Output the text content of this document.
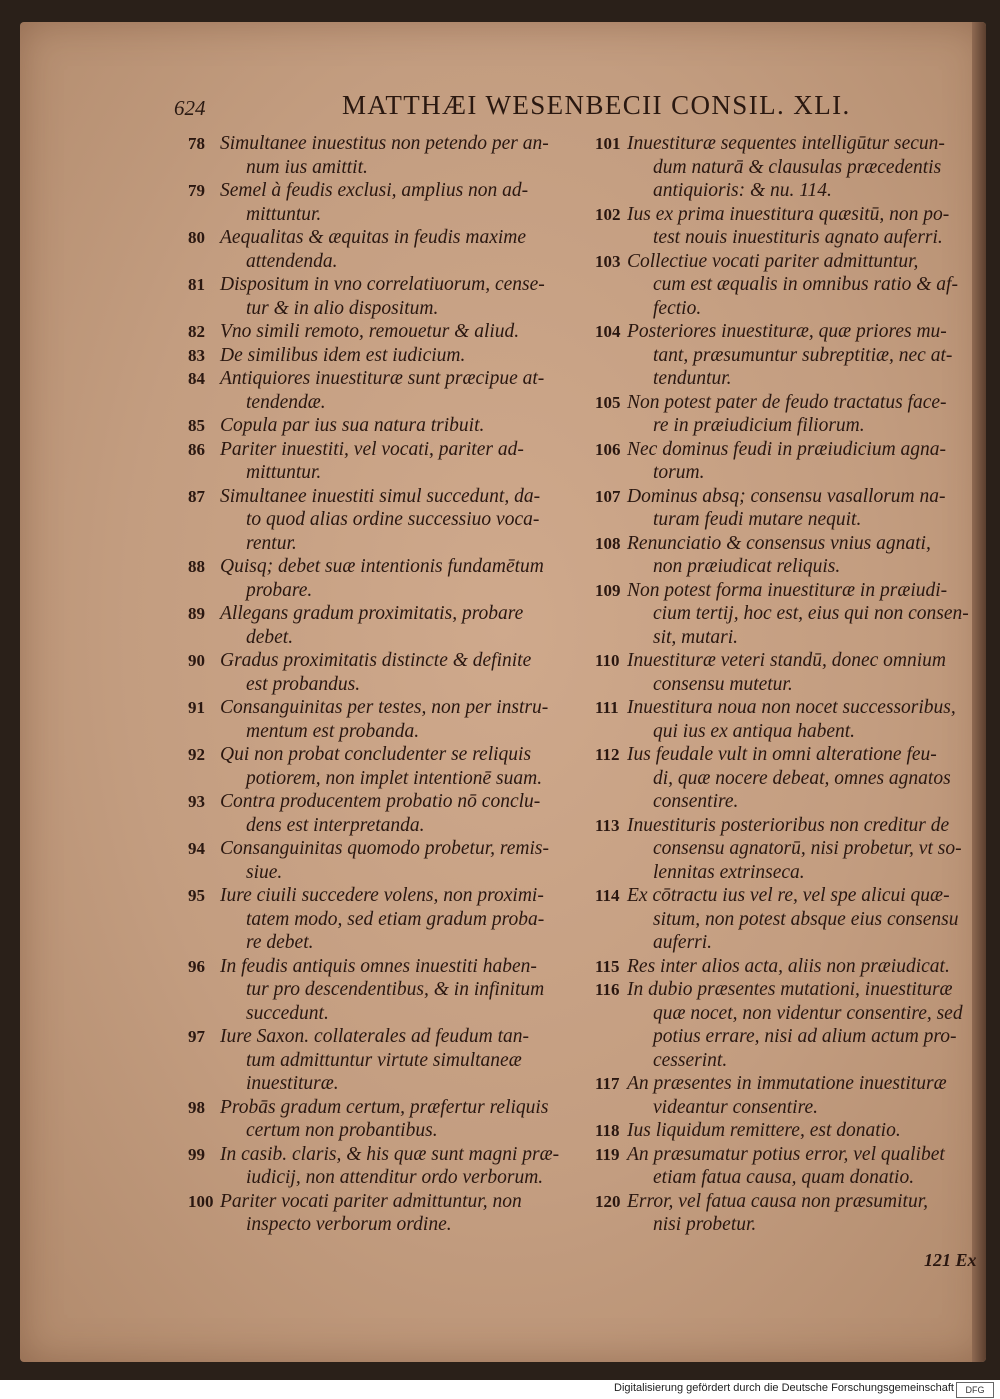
624	MATTHÆI WESENBECII CONSIL. XLI.
78 Simultanee inuestitus non petendo per an-
num ius amittit.
79 Semel à feudis exclusi, amplius non ad-
mittuntur.
80 Aequalitas & æquitas in feudis maxime
attendenda.
81 Dispositum in vno correlatiuorum, cense-
tur & in alio dispositum.
82 Vno simili remoto, remouetur & aliud.
83 De similibus idem est iudicium.
84 Antiquiores inuestituræ sunt præcipue at-
tendendæ.
85 Copula par ius sua natura tribuit.
86 Pariter inuestiti, vel vocati, pariter ad-
mittuntur.
87 Simultanee inuestiti simul succedunt, da-
to quod alias ordine successiuo voca-
rentur.
88 Quisq; debet suæ intentionis fundamētum
probare.
89 Allegans gradum proximitatis, probare
debet.
90 Gradus proximitatis distincte & definite
est probandus.
91 Consanguinitas per testes, non per instru-
mentum est probanda.
92 Qui non probat concludenter se reliquis
potiorem, non implet intentionē suam.
93 Contra producentem probatio nō conclu-
dens est interpretanda.
94 Consanguinitas quomodo probetur, remis-
siue.
95 Iure ciuili succedere volens, non proximi-
tatem modo, sed etiam gradum proba-
re debet.
96 In feudis antiquis omnes inuestiti haben-
tur pro descendentibus, & in infinitum
succedunt.
97 Iure Saxon. collaterales ad feudum tan-
tum admittuntur virtute simultaneæ
inuestituræ.
98 Probās gradum certum, præfertur reliquis
certum non probantibus.
99 In casib. claris, & his quæ sunt magni præ-
iudicij, non attenditur ordo verborum.
100 Pariter vocati pariter admittuntur, non
inspecto verborum ordine.
101 Inuestituræ sequentes intelligūtur secun-
dum naturā & clausulas præcedentis
antiquioris: & nu. 114.
102 Ius ex prima inuestitura quæsitū, non po-
test nouis inuestituris agnato auferri.
103 Collectiue vocati pariter admittuntur,
cum est æqualis in omnibus ratio & af-
fectio.
104 Posteriores inuestituræ, quæ priores mu-
tant, præsumuntur subreptitiæ, nec at-
tenduntur.
105 Non potest pater de feudo tractatus face-
re in præiudicium filiorum.
106 Nec dominus feudi in præiudicium agna-
torum.
107 Dominus absq; consensu vasallorum na-
turam feudi mutare nequit.
108 Renunciatio & consensus vnius agnati,
non præiudicat reliquis.
109 Non potest forma inuestituræ in præiudi-
cium tertij, hoc est, eius qui non consen-
sit, mutari.
110 Inuestituræ veteri standū, donec omnium
consensu mutetur.
111 Inuestitura noua non nocet successoribus,
qui ius ex antiqua habent.
112 Ius feudale vult in omni alteratione feu-
di, quæ nocere debeat, omnes agnatos
consentire.
113 Inuestituris posterioribus non creditur de
consensu agnatorū, nisi probetur, vt so-
lennitas extrinseca.
114 Ex cōtractu ius vel re, vel spe alicui quæ-
situm, non potest absque eius consensu
auferri.
115 Res inter alios acta, aliis non præiudicat.
116 In dubio præsentes mutationi, inuestituræ
quæ nocet, non videntur consentire, sed
potius errare, nisi ad alium actum pro-
cesserint.
117 An præsentes in immutatione inuestituræ
videantur consentire.
118 Ius liquidum remittere, est donatio.
119 An præsumatur potius error, vel qualibet
etiam fatua causa, quam donatio.
120 Error, vel fatua causa non præsumitur,
nisi probetur.
121 Ex
Digitalisierung gefördert durch die Deutsche Forschungsgemeinschaft	DFG
